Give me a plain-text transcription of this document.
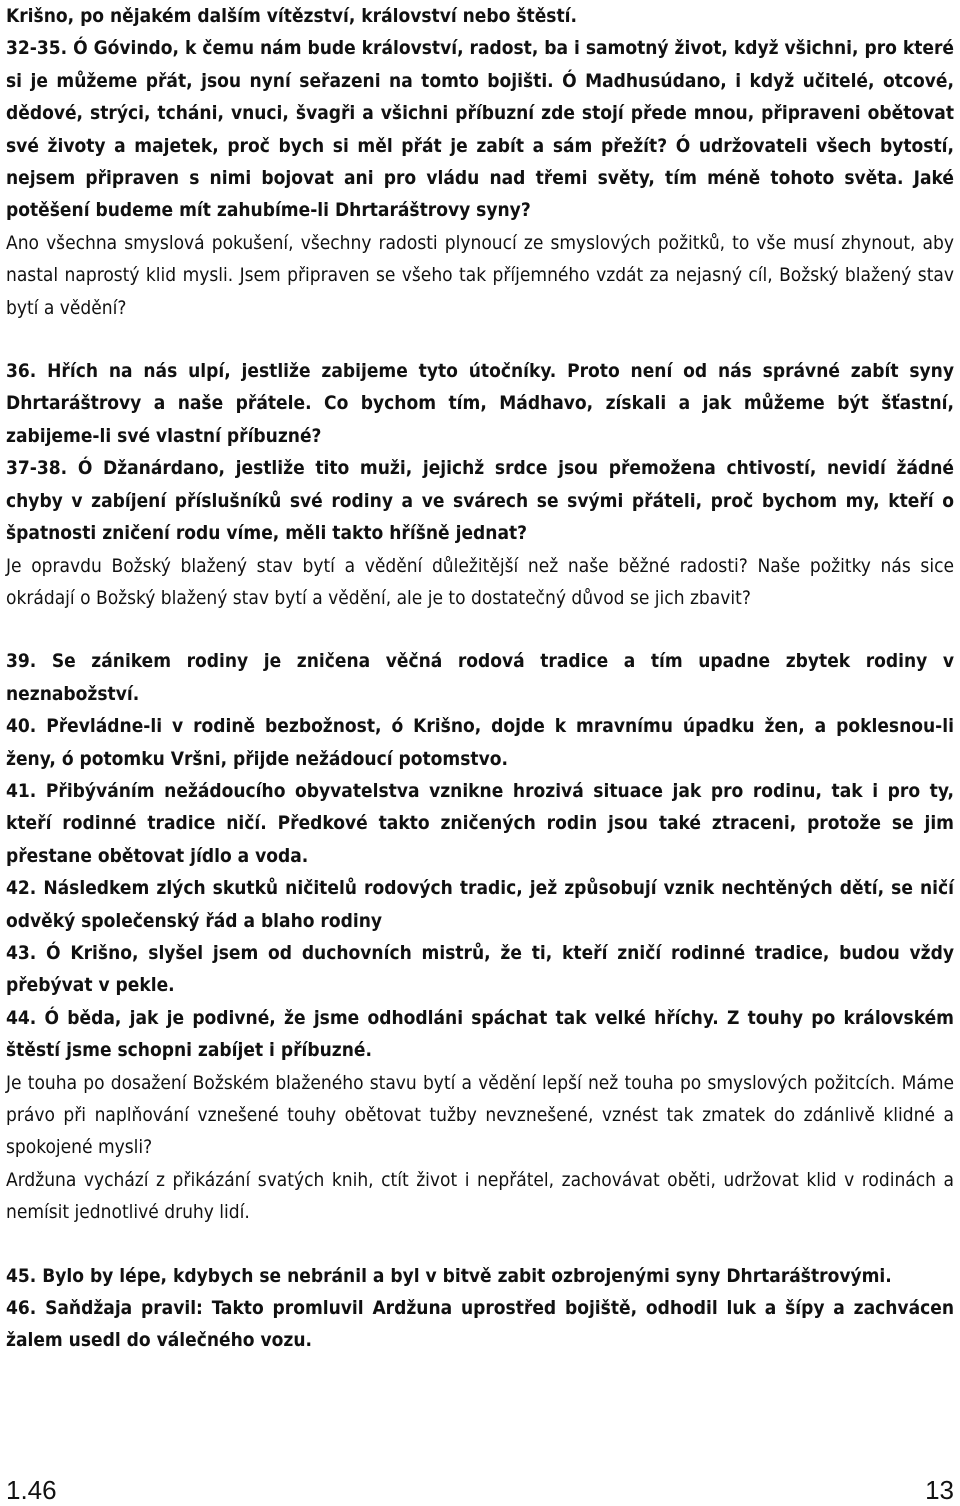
Krišno, po nějakém dalším vítězství, království nebo štěstí.

32-35. Ó Góvindo, k čemu nám bude království, radost, ba i samotný život, když všichni, pro které si je můžeme přát, jsou nyní seřazeni na tomto bojišti. Ó Madhusúdano, i když učitelé, otcové, dědové, strýci, tcháni, vnuci, švagři a všichni příbuzní zde stojí přede mnou, připraveni obětovat své životy a majetek, proč bych si měl přát je zabít a sám přežít? Ó udržovateli všech bytostí, nejsem připraven s nimi bojovat ani pro vládu nad třemi světy, tím méně tohoto světa. Jaké potěšení budeme mít zahubíme-li Dhrtaráštrovy syny?

Ano všechna smyslová pokušení, všechny radosti plynoucí ze smyslových požitků, to vše musí zhynout, aby nastal naprostý klid mysli. Jsem připraven se všeho tak příjemného vzdát za nejasný cíl, Božský blažený stav bytí a vědění?

36. Hřích na nás ulpí, jestliže zabijeme tyto útočníky. Proto není od nás správné zabít syny Dhrtaráštrovy a naše přátele. Co bychom tím, Mádhavo, získali a jak můžeme být šťastní, zabijeme-li své vlastní příbuzné?

37-38. Ó Džanárdano, jestliže tito muži, jejichž srdce jsou přemožena chtivostí, nevidí žádné chyby v zabíjení příslušníků své rodiny a ve svárech se svými přáteli, proč bychom my, kteří o špatnosti zničení rodu víme, měli takto hříšně jednat?

Je opravdu Božský blažený stav bytí a vědění důležitější než naše běžné radosti? Naše požitky nás sice okrádají o Božský blažený stav bytí a vědění, ale je to dostatečný důvod se jich zbavit?

39. Se zánikem rodiny je zničena věčná rodová tradice a tím upadne zbytek rodiny v neznabožství.

40. Převládne-li v rodině bezbožnost, ó Krišno, dojde k mravnímu úpadku žen, a poklesnou-li ženy, ó potomku Vršni, přijde nežádoucí potomstvo.

41. Přibýváním nežádoucího obyvatelstva vznikne hrozivá situace jak pro rodinu, tak i pro ty, kteří rodinné tradice ničí. Předkové takto zničených rodin jsou také ztraceni, protože se jim přestane obětovat jídlo a voda.

42. Následkem zlých skutků ničitelů rodových tradic, jež způsobují vznik nechtěných dětí, se ničí odvěký společenský řád a blaho rodiny

43. Ó Krišno, slyšel jsem od duchovních mistrů, že ti, kteří zničí rodinné tradice, budou vždy přebývat v pekle.

44. Ó běda, jak je podivné, že jsme odhodláni spáchat tak velké hříchy. Z touhy po královském štěstí jsme schopni zabíjet i příbuzné.

Je touha po dosažení Božském blaženého stavu bytí a vědění lepší než touha po smyslových požitcích. Máme právo při naplňování vznešené touhy obětovat tužby nevznešené, vznést tak zmatek do zdánlivě klidné a spokojené mysli?

Ardžuna vychází z přikázání svatých knih, ctít život i nepřátel, zachovávat oběti, udržovat klid v rodinách a nemísit jednotlivé druhy lidí.

45. Bylo by lépe, kdybych se nebránil a byl v bitvě zabit ozbrojenými syny Dhrtaráštrovými.

46. Saňdžaja pravil: Takto promluvil Ardžuna uprostřed bojiště, odhodil luk a šípy a zachvácen žalem usedl do válečného vozu.

1.46	13
